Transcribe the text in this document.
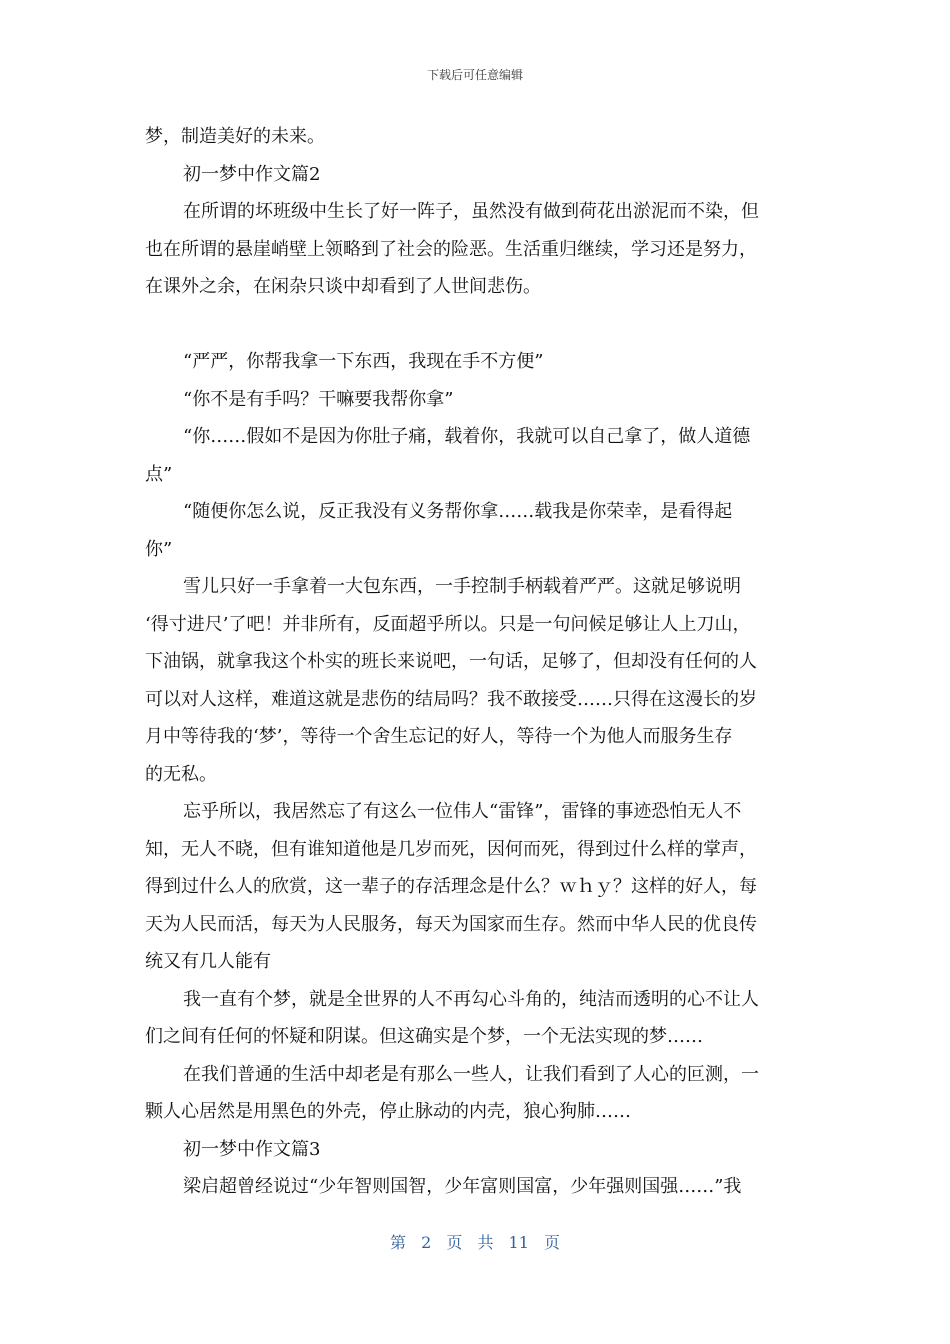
下载后可任意编辑
梦，制造美好的未来。
初一梦中作文篇2
在所谓的坏班级中生长了好一阵子，虽然没有做到荷花出淤泥而不染，但
也在所谓的悬崖峭壁上领略到了社会的险恶。生活重归继续，学习还是努力，
在课外之余，在闲杂只谈中却看到了人世间悲伤。
“严严，你帮我拿一下东西，我现在手不方便”
“你不是有手吗？干嘛要我帮你拿”
“你……假如不是因为你肚子痛，载着你，我就可以自己拿了，做人道德
点”
“随便你怎么说，反正我没有义务帮你拿……载我是你荣幸，是看得起
你”
雪儿只好一手拿着一大包东西，一手控制手柄载着严严。这就足够说明
‘得寸进尺’了吧！并非所有，反面超乎所以。只是一句问候足够让人上刀山，
下油锅，就拿我这个朴实的班长来说吧，一句话，足够了，但却没有任何的人
可以对人这样，难道这就是悲伤的结局吗？我不敢接受……只得在这漫长的岁
月中等待我的‘梦’，等待一个舍生忘记的好人，等待一个为他人而服务生存
的无私。
忘乎所以，我居然忘了有这么一位伟人“雷锋”，雷锋的事迹恐怕无人不
知，无人不晓，但有谁知道他是几岁而死，因何而死，得到过什么样的掌声，
得到过什么人的欣赏，这一辈子的存活理念是什么？ｗｈｙ？这样的好人，每
天为人民而活，每天为人民服务，每天为国家而生存。然而中华人民的优良传
统又有几人能有
我一直有个梦，就是全世界的人不再勾心斗角的，纯洁而透明的心不让人
们之间有任何的怀疑和阴谋。但这确实是个梦，一个无法实现的梦……
在我们普通的生活中却老是有那么一些人，让我们看到了人心的叵测，一
颗人心居然是用黑色的外壳，停止脉动的内壳，狼心狗肺……
初一梦中作文篇3
梁启超曾经说过“少年智则国智，少年富则国富，少年强则国强……”我
第 2 页 共 11 页
